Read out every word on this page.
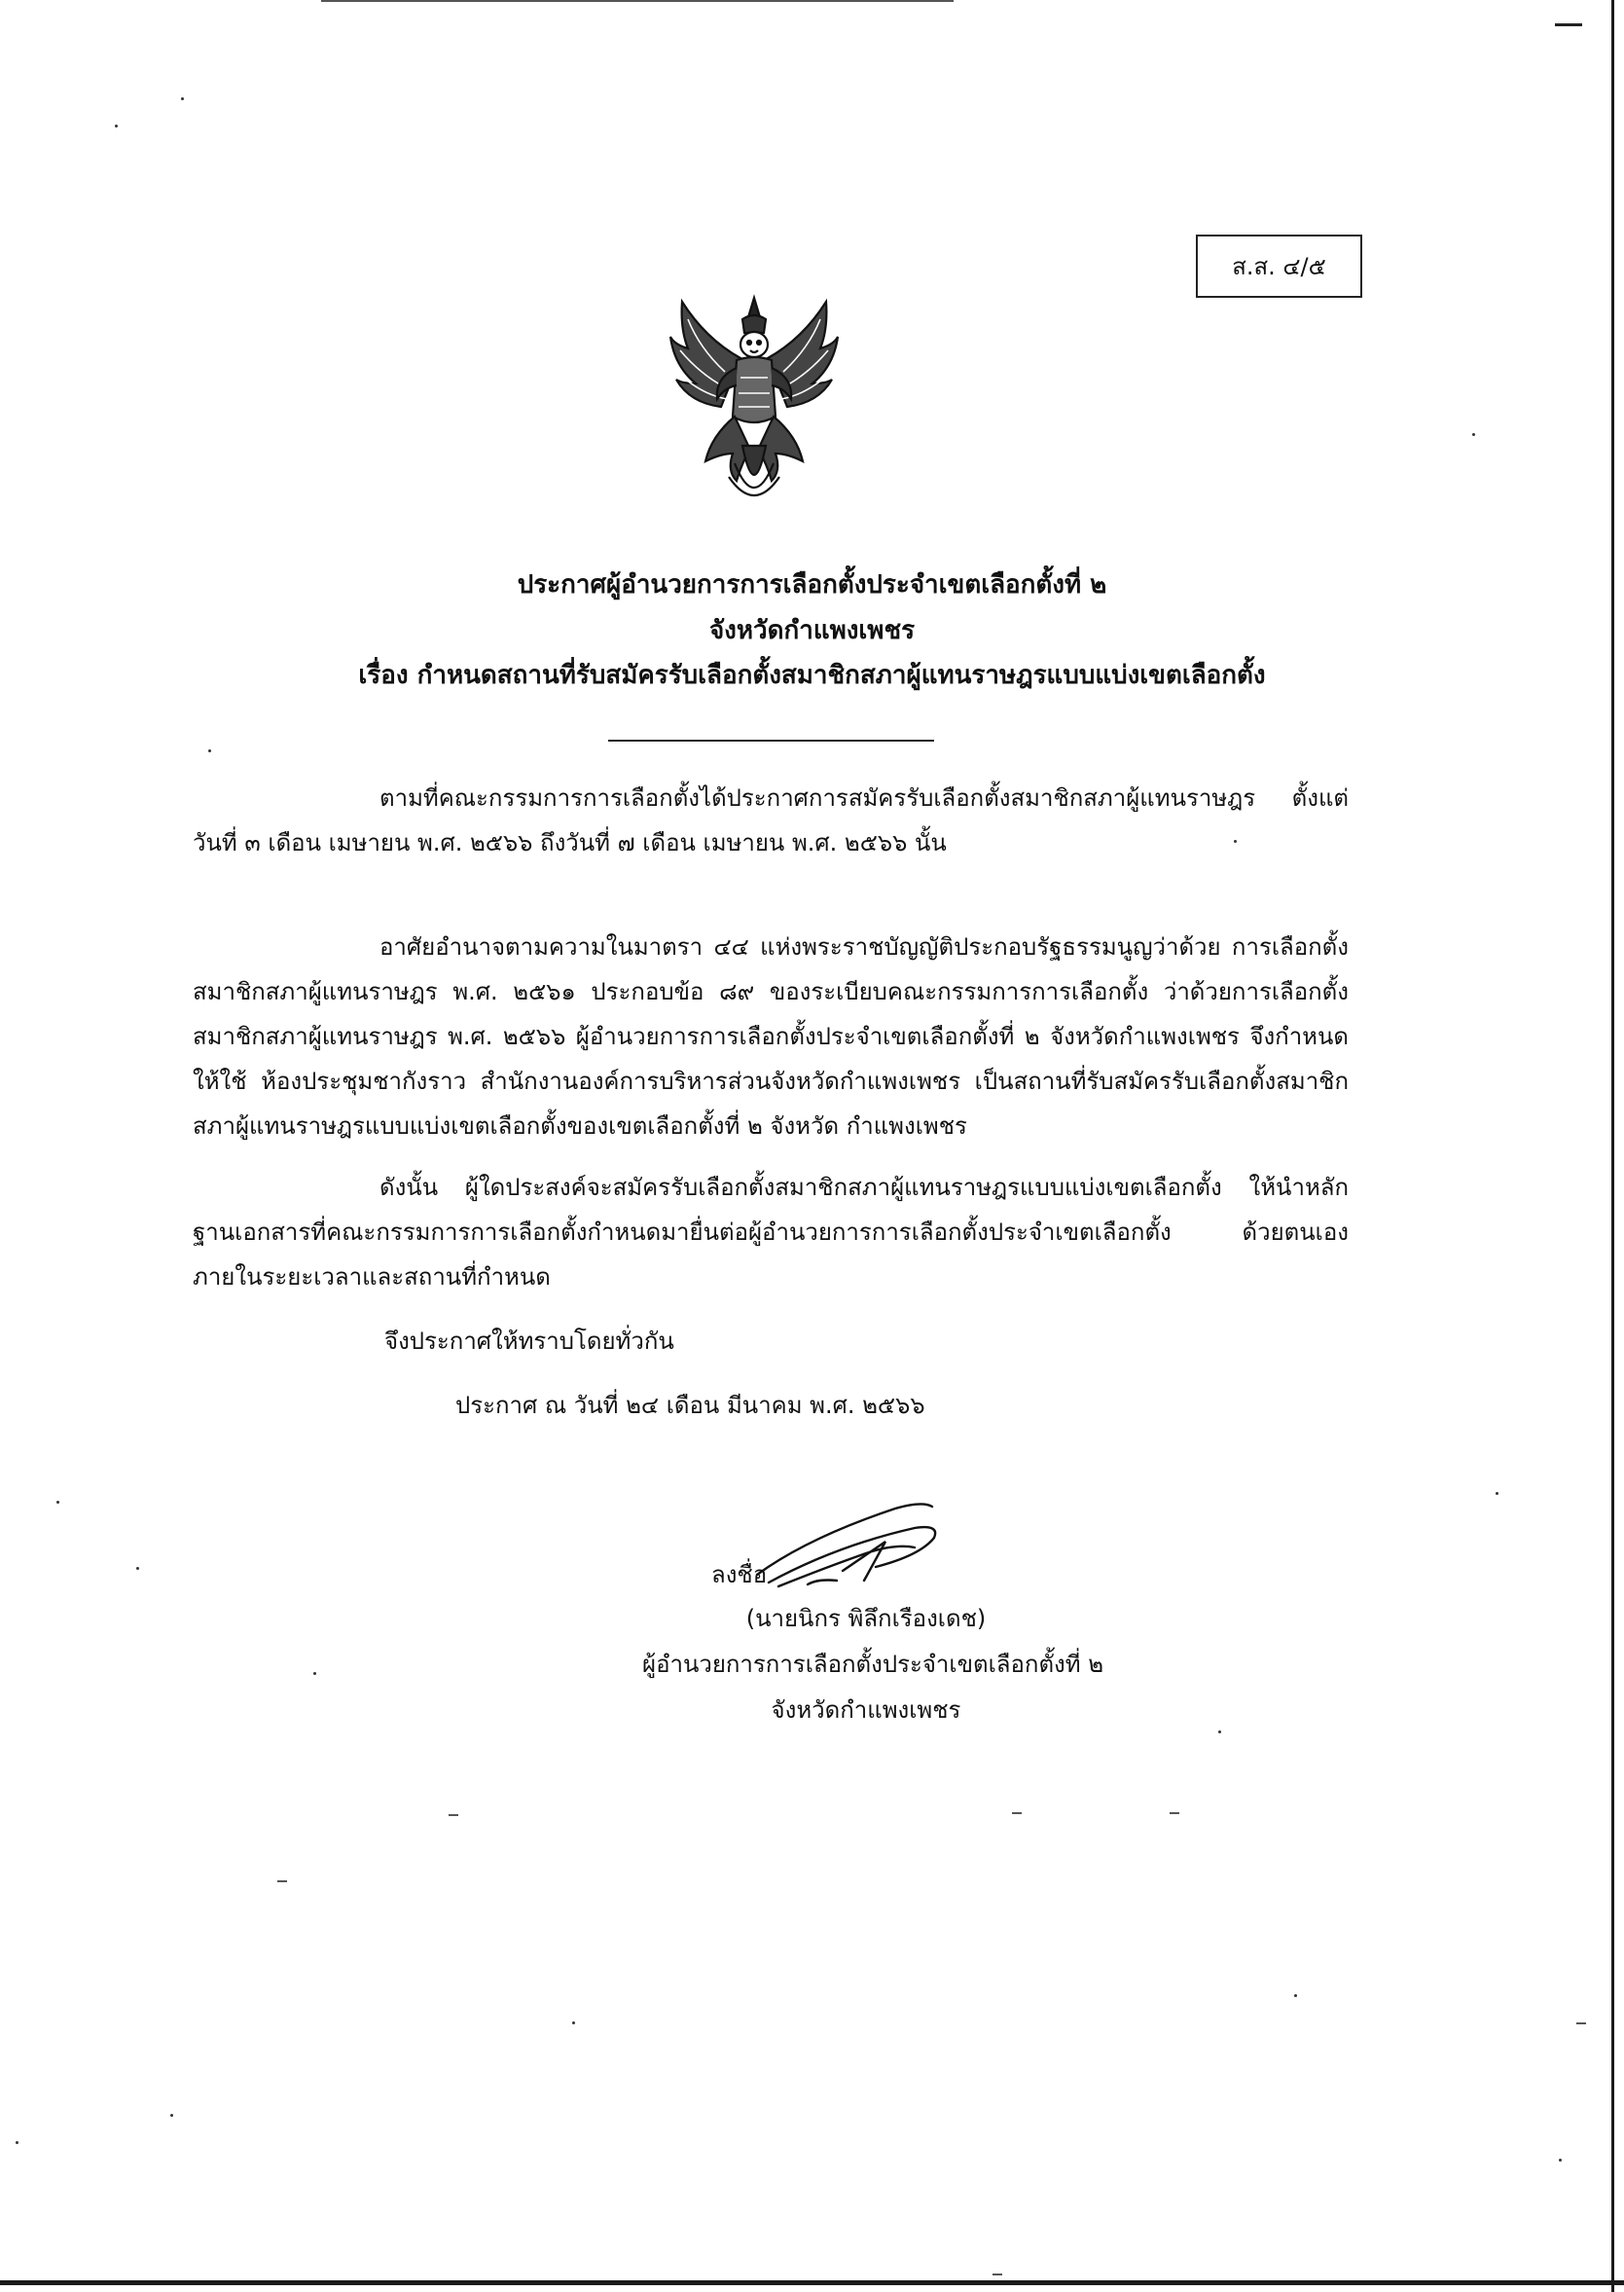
ส.ส. ๔/๕
ประกาศผู้อำนวยการการเลือกตั้งประจำเขตเลือกตั้งที่ ๒
จังหวัดกำแพงเพชร
เรื่อง กำหนดสถานที่รับสมัครรับเลือกตั้งสมาชิกสภาผู้แทนราษฎรแบบแบ่งเขตเลือกตั้ง
ตามที่คณะกรรมการการเลือกตั้งได้ประกาศการสมัครรับเลือกตั้งสมาชิกสภาผู้แทนราษฎร ตั้งแต่วันที่ ๓ เดือน เมษายน พ.ศ. ๒๕๖๖ ถึงวันที่ ๗ เดือน เมษายน พ.ศ. ๒๕๖๖ นั้น
อาศัยอำนาจตามความในมาตรา ๔๔ แห่งพระราชบัญญัติประกอบรัฐธรรมนูญว่าด้วย การเลือกตั้งสมาชิกสภาผู้แทนราษฎร พ.ศ. ๒๕๖๑ ประกอบข้อ ๘๙ ของระเบียบคณะกรรมการการเลือกตั้ง ว่าด้วยการเลือกตั้งสมาชิกสภาผู้แทนราษฎร พ.ศ. ๒๕๖๖ ผู้อำนวยการการเลือกตั้งประจำเขตเลือกตั้งที่ ๒ จังหวัดกำแพงเพชร จึงกำหนดให้ใช้ ห้องประชุมชากังราว สำนักงานองค์การบริหารส่วนจังหวัดกำแพงเพชร เป็นสถานที่รับสมัครรับเลือกตั้งสมาชิกสภาผู้แทนราษฎรแบบแบ่งเขตเลือกตั้งของเขตเลือกตั้งที่ ๒ จังหวัด กำแพงเพชร
ดังนั้น ผู้ใดประสงค์จะสมัครรับเลือกตั้งสมาชิกสภาผู้แทนราษฎรแบบแบ่งเขตเลือกตั้ง ให้นำหลักฐานเอกสารที่คณะกรรมการการเลือกตั้งกำหนดมายื่นต่อผู้อำนวยการการเลือกตั้งประจำเขตเลือกตั้ง ด้วยตนเองภายในระยะเวลาและสถานที่กำหนด
จึงประกาศให้ทราบโดยทั่วกัน
ประกาศ ณ วันที่ ๒๔ เดือน มีนาคม พ.ศ. ๒๕๖๖
ลงชื่อ
(นายนิกร พิลึกเรืองเดช)
ผู้อำนวยการการเลือกตั้งประจำเขตเลือกตั้งที่ ๒
จังหวัดกำแพงเพชร
